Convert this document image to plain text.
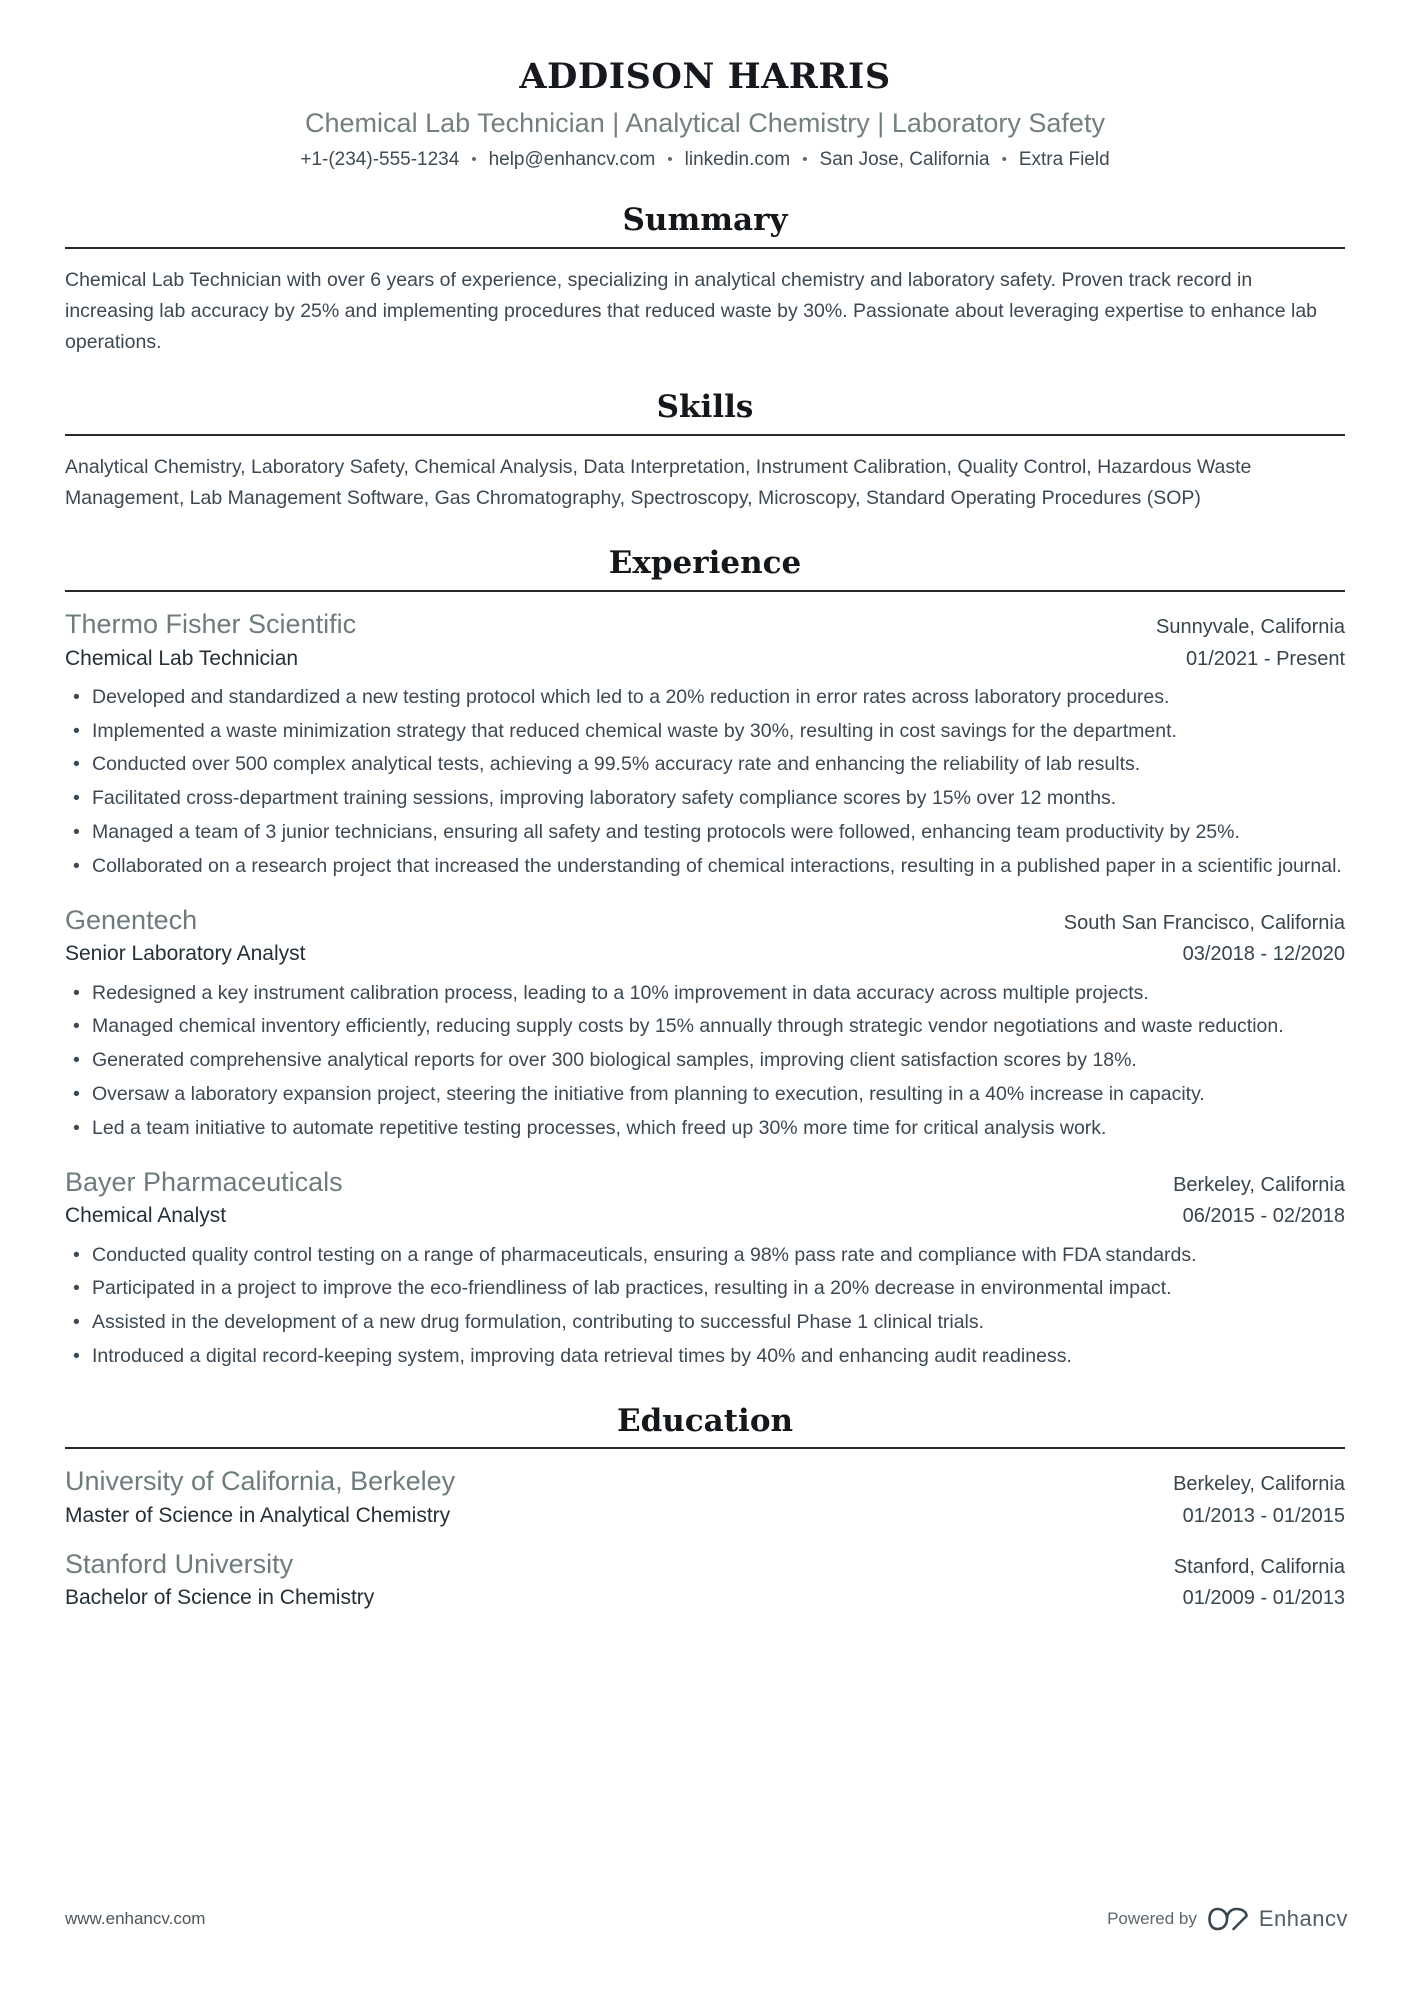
ADDISON HARRIS
Chemical Lab Technician | Analytical Chemistry | Laboratory Safety
+1-(234)-555-1234	• help@enhancv.com	• linkedin.com	• San Jose, California	• Extra Field
Summary

Chemical Lab Technician with over 6 years of experience, specializing in analytical chemistry and laboratory safety. Proven track record in increasing lab accuracy by 25% and implementing procedures that reduced waste by 30%. Passionate about leveraging expertise to enhance lab operations.

Skills

Analytical Chemistry, Laboratory Safety, Chemical Analysis, Data Interpretation, Instrument Calibration, Quality Control, Hazardous Waste Management, Lab Management Software, Gas Chromatography, Spectroscopy, Microscopy, Standard Operating Procedures (SOP)

Experience
Thermo Fisher Scientific	Sunnyvale, California
Chemical Lab Technician	01/2021 - Present
• Developed and standardized a new testing protocol which led to a 20% reduction in error rates across laboratory procedures.
• Implemented a waste minimization strategy that reduced chemical waste by 30%, resulting in cost savings for the department.
• Conducted over 500 complex analytical tests, achieving a 99.5% accuracy rate and enhancing the reliability of lab results.
• Facilitated cross-department training sessions, improving laboratory safety compliance scores by 15% over 12 months.
• Managed a team of 3 junior technicians, ensuring all safety and testing protocols were followed, enhancing team productivity by 25%.
• Collaborated on a research project that increased the understanding of chemical interactions, resulting in a published paper in a scientific journal.
Genentech	South San Francisco, California
Senior Laboratory Analyst	03/2018 - 12/2020
• Redesigned a key instrument calibration process, leading to a 10% improvement in data accuracy across multiple projects.
• Managed chemical inventory efficiently, reducing supply costs by 15% annually through strategic vendor negotiations and waste reduction.
• Generated comprehensive analytical reports for over 300 biological samples, improving client satisfaction scores by 18%.
• Oversaw a laboratory expansion project, steering the initiative from planning to execution, resulting in a 40% increase in capacity.
• Led a team initiative to automate repetitive testing processes, which freed up 30% more time for critical analysis work.
Bayer Pharmaceuticals	Berkeley, California
Chemical Analyst	06/2015 - 02/2018
• Conducted quality control testing on a range of pharmaceuticals, ensuring a 98% pass rate and compliance with FDA standards.
• Participated in a project to improve the eco-friendliness of lab practices, resulting in a 20% decrease in environmental impact.
• Assisted in the development of a new drug formulation, contributing to successful Phase 1 clinical trials.
• Introduced a digital record-keeping system, improving data retrieval times by 40% and enhancing audit readiness.
Education
University of California, Berkeley	Berkeley, California
Master of Science in Analytical Chemistry	01/2013 - 01/2015
Stanford University	Stanford, California
Bachelor of Science in Chemistry	01/2009 - 01/2013
www.enhancv.com	Powered by	Enhancv
